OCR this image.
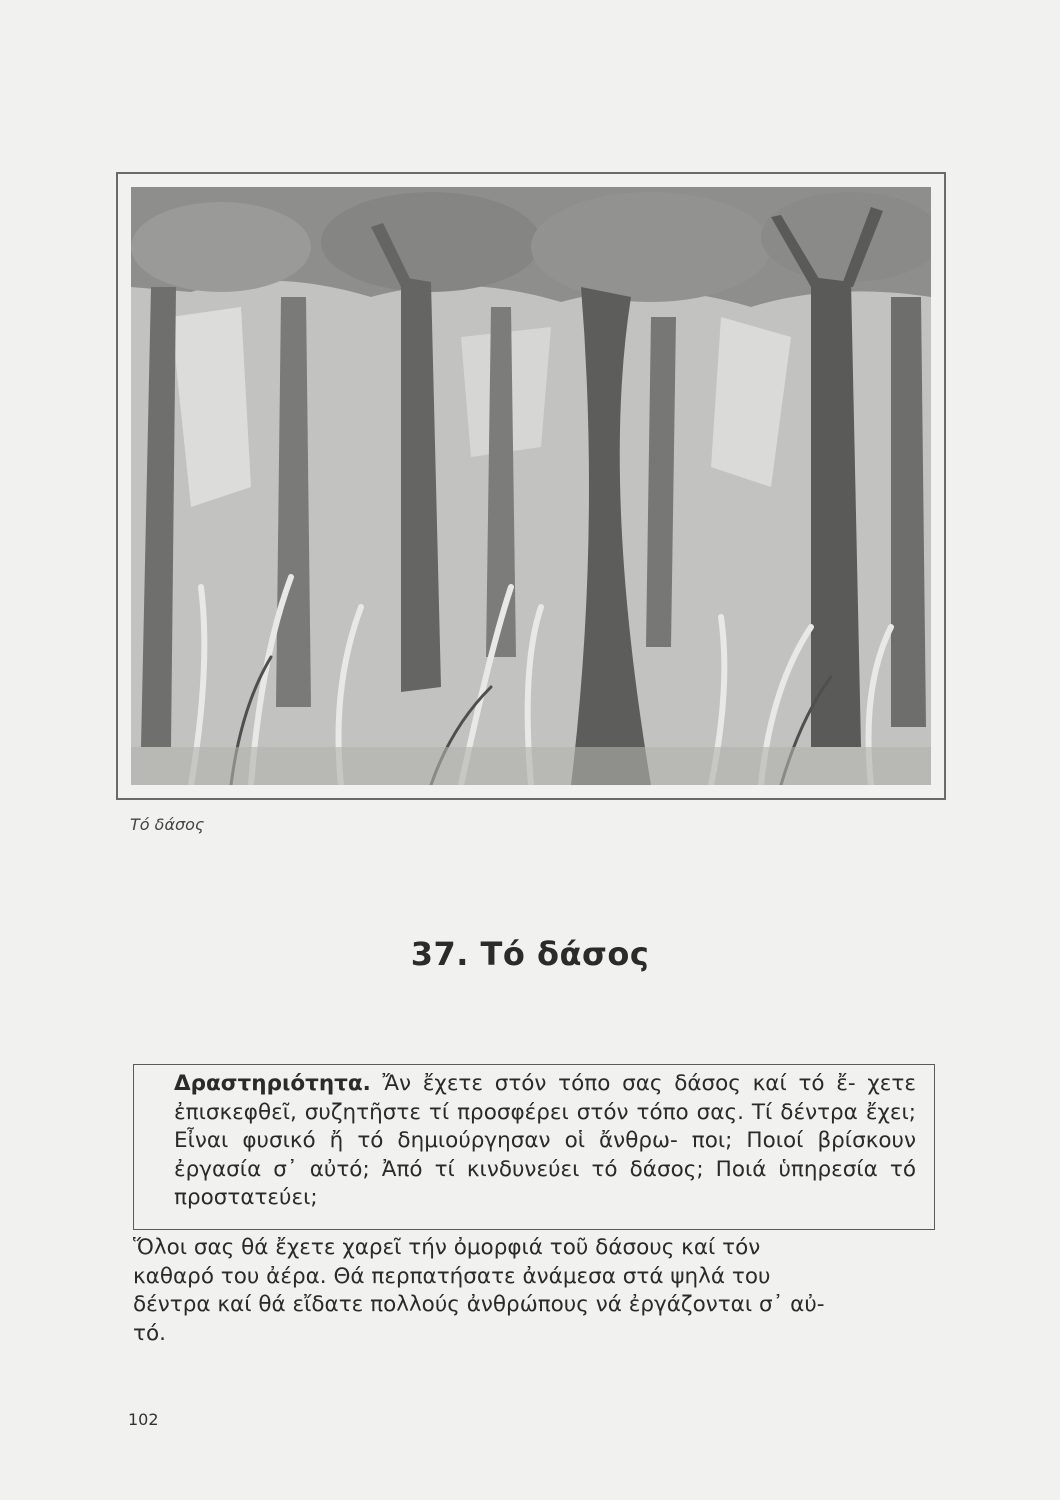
Τό δάσος
37. Τό δάσος

Δραστηριότητα. Ἄν ἔχετε στόν τόπο σας δάσος καί τό ἔ- χετε ἐπισκεφθεῖ, συζητῆστε τί προσφέρει στόν τόπο σας. Τί δέντρα ἔχει; Εἶναι φυσικό ἤ τό δημιούργησαν οἱ ἄνθρω- ποι; Ποιοί βρίσκουν ἐργασία σ᾿ αὐτό; Ἀπό τί κινδυνεύει τό δάσος; Ποιά ὑπηρεσία τό προστατεύει;

Ὅλοι σας θά ἔχετε χαρεῖ τήν ὀμορφιά τοῦ δάσους καί τόν
καθαρό του ἀέρα. Θά περπατήσατε ἀνάμεσα στά ψηλά του
δέντρα καί θά εἴδατε πολλούς ἀνθρώπους νά ἐργάζονται σ᾿ αὐ-
τό.

102
